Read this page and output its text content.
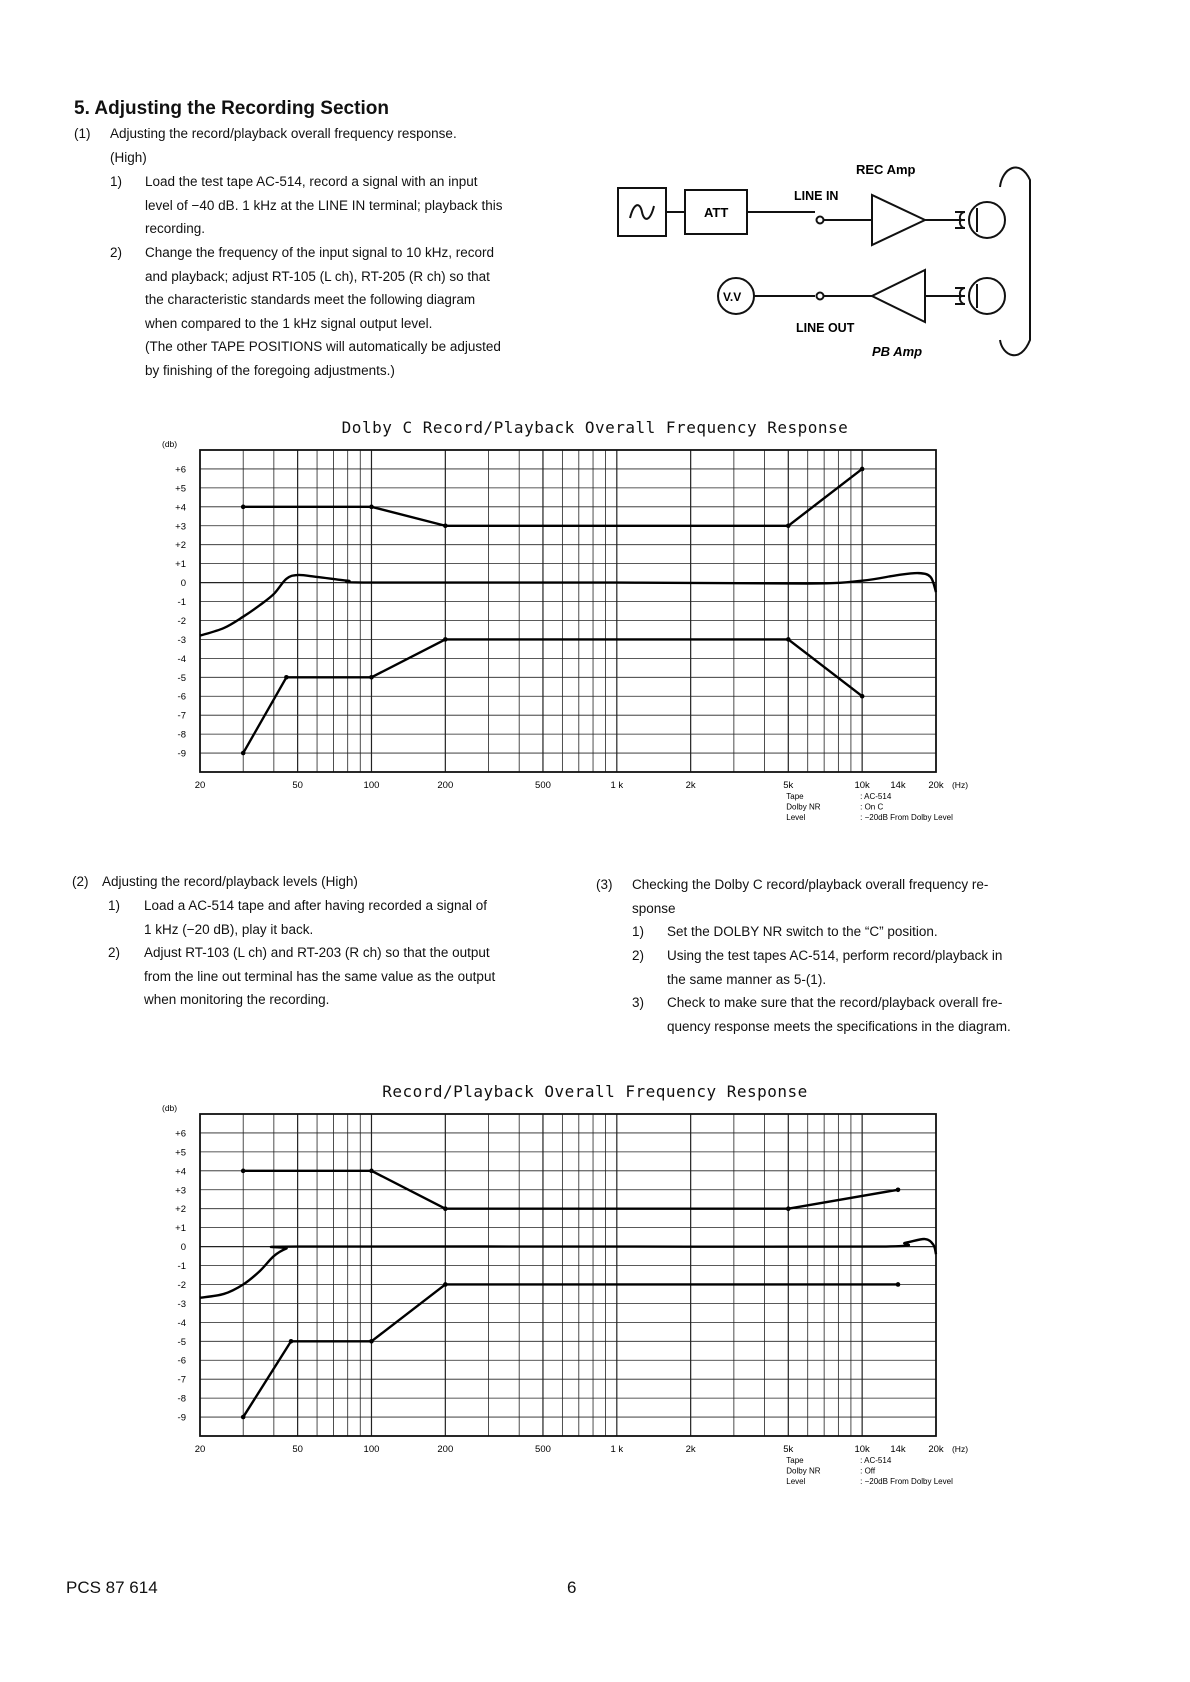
5. Adjusting the Recording Section
(1) Adjusting the record/playback overall frequency response.
(High)
1)	Load the test tape AC-514, record a signal with an input
level of −40 dB. 1 kHz at the LINE IN terminal; playback this
recording.
2)	Change the frequency of the input signal to 10 kHz, record
and playback; adjust RT-105 (L ch), RT-205 (R ch) so that
the characteristic standards meet the following diagram
when compared to the 1 kHz signal output level.
(The other TAPE POSITIONS will automatically be adjusted
by finishing of the foregoing adjustments.)
ATT
LINE IN
REC Amp
V.V
LINE OUT
PB Amp
Dolby C Record/Playback Overall Frequency Response
(db)
+6
+5
+4
+3
+2
+1
0
-1
-2
-3
-4
-5
-6
-7
-8
-9
20	50	100	200	500	1 k	2k	5k	10k 14k 20k (Hz)
Tape	: AC-514
Dolby NR	: On C
Level	: −20dB From Dolby Level
(2) Adjusting the record/playback levels (High)
1)	Load a AC-514 tape and after having recorded a signal of
1 kHz (−20 dB), play it back.
2)	Adjust RT-103 (L ch) and RT-203 (R ch) so that the output
from the line out terminal has the same value as the output
when monitoring the recording.
(3) Checking the Dolby C record/playback overall frequency re-
sponse
1)	Set the DOLBY NR switch to the “C” position.
2)	Using the test tapes AC-514, perform record/playback in
the same manner as 5-(1).
3)	Check to make sure that the record/playback overall fre-
quency response meets the specifications in the diagram.
Record/Playback Overall Frequency Response
(db)
+6
+5
+4
+3
+2
+1
0
-1
-2
-3
-4
-5
-6
-7
-8
-9
20	50	100	200	500	1 k	2k	5k	10k 14k 20k (Hz)
Tape	: AC-514
Dolby NR	: Off
Level	: −20dB From Dolby Level
PCS 87 614	6
